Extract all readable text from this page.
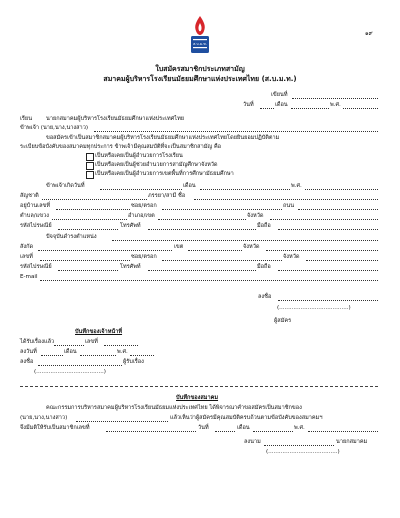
ส.บ.ม.ท.
๑๙
ใบสมัครสมาชิกประเภทสามัญ
สมาคมผู้บริหารโรงเรียนมัธยมศึกษาแห่งประเทศไทย (ส.บ.ม.ท.)
เขียนที่
วันที่	เดือน	พ.ศ.
เรียน นายกสมาคมผู้บริหารโรงเรียนมัธยมศึกษาแห่งประเทศไทย
ข้าพเจ้า (นาย,นาง,นางสาว)
ขอสมัครเข้าเป็นสมาชิกสมาคมผู้บริหารโรงเรียนมัธยมศึกษาแห่งประเทศไทยโดยยินยอมปฏิบัติตาม
ระเบียบข้อบังคับของสมาคมทุกประการ ข้าพเจ้ามีคุณสมบัติที่จะเป็นสมาชิกสามัญ คือ
เป็นหรือเคยเป็นผู้อำนวยการโรงเรียน
เป็นหรือเคยเป็นผู้ช่วยอำนวยการสามัญศึกษาจังหวัด
เป็นหรือเคยเป็นผู้อำนวยการเขตพื้นที่การศึกษามัธยมศึกษา
ข้าพเจ้าเกิดวันที่	เดือน	พ.ศ.
สัญชาติ	ภรรยา/สามี ชื่อ
อยู่บ้านเลขที่	ซอย/ตรอก	ถนน
ตำบล/แขวง	อำเภอ/เขต	จังหวัด
รหัสไปรษณีย์	โทรศัพท์	มือถือ
ปัจจุบันดำรงตำแหน่ง
สังกัด	เขต	จังหวัด
เลขที่	ซอย/ตรอก	จังหวัด
รหัสไปรษณีย์	โทรศัพท์	มือถือ
E-mail
ลงชื่อ
(.......................................)
ผู้สมัคร
บันทึกของเจ้าหน้าที่
ได้รับเรื่องแล้ว	เลขที่
ลงวันที่	เดือน	พ.ศ.
ลงชื่อ	ผู้รับเรื่อง
(......................................)
บันทึกของสมาคม
คณะกรรมการบริหารสมาคมผู้บริหารโรงเรียนมัธยมแห่งประเทศไทย ได้พิจารณาคำขอสมัครเป็นสมาชิกของ
(นาย,นาง,นางสาว)	แล้วเห็นว่าผู้สมัครมีคุณสมบัติครบถ้วนตามข้อบังคับของสมาคมฯ
จึงมีมติให้รับเป็นสมาชิกเลขที่	วันที่	เดือน	พ.ศ.
ลงนาม	นายกสมาคม
(.......................................)
